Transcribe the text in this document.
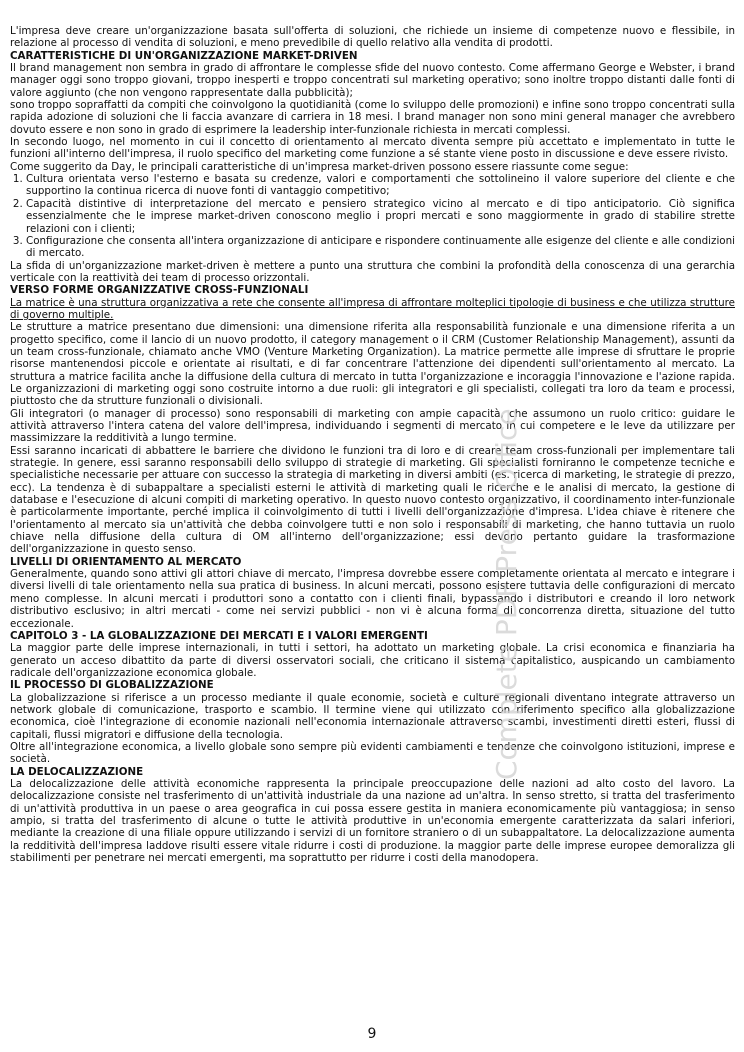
L'impresa deve creare un'organizzazione basata sull'offerta di soluzioni, che richiede un insieme di competenze nuovo e flessibile, in relazione al processo di vendita di soluzioni, e meno prevedibile di quello relativo alla vendita di prodotti.

CARATTERISTICHE DI UN'ORGANIZZAZIONE MARKET-DRIVEN

Il brand management non sembra in grado di affrontare le complesse sfide del nuovo contesto. Come affermano George e Webster, i brand manager oggi sono troppo giovani, troppo inesperti e troppo concentrati sul marketing operativo; sono inoltre troppo distanti dalle fonti di valore aggiunto (che non vengono rappresentate dalla pubblicità);

sono troppo sopraffatti da compiti che coinvolgono la quotidianità (come lo sviluppo delle promozioni) e infine sono troppo concentrati sulla rapida adozione di soluzioni che li faccia avanzare di carriera in 18 mesi. I brand manager non sono mini general manager che avrebbero dovuto essere e non sono in grado di esprimere la leadership inter-funzionale richiesta in mercati complessi.

In secondo luogo, nel momento in cui il concetto di orientamento al mercato diventa sempre più accettato e implementato in tutte le funzioni all'interno dell'impresa, il ruolo specifico del marketing come funzione a sé stante viene posto in discussione e deve essere rivisto.

Come suggerito da Day, le principali caratteristiche di un'impresa market-driven possono essere riassunte come segue:

1. Cultura orientata verso l'esterno e basata su credenze, valori e comportamenti che sottolineino il valore superiore del cliente e che supportino la continua ricerca di nuove fonti di vantaggio competitivo;
2. Capacità distintive di interpretazione del mercato e pensiero strategico vicino al mercato e di tipo anticipatorio. Ciò significa essenzialmente che le imprese market-driven conoscono meglio i propri mercati e sono maggiormente in grado di stabilire strette relazioni con i clienti;
3. Configurazione che consenta all'intera organizzazione di anticipare e rispondere continuamente alle esigenze del cliente e alle condizioni di mercato.

La sfida di un'organizzazione market-driven è mettere a punto una struttura che combini la profondità della conoscenza di una gerarchia verticale con la reattività dei team di processo orizzontali.

VERSO FORME ORGANIZZATIVE CROSS-FUNZIONALI

La matrice è una struttura organizzativa a rete che consente all'impresa di affrontare molteplici tipologie di business e che utilizza strutture di governo multiple.

Le strutture a matrice presentano due dimensioni: una dimensione riferita alla responsabilità funzionale e una dimensione riferita a un progetto specifico, come il lancio di un nuovo prodotto, il category management o il CRM (Customer Relationship Management), assunti da un team cross-funzionale, chiamato anche VMO (Venture Marketing Organization). La matrice permette alle imprese di sfruttare le proprie risorse mantenendosi piccole e orientate ai risultati, e di far concentrare l'attenzione dei dipendenti sull'orientamento al mercato. La struttura a matrice facilita anche la diffusione della cultura di mercato in tutta l'organizzazione e incoraggia l'innovazione e l'azione rapida. Le organizzazioni di marketing oggi sono costruite intorno a due ruoli: gli integratori e gli specialisti, collegati tra loro da team e processi, piuttosto che da strutture funzionali o divisionali.

Gli integratori (o manager di processo) sono responsabili di marketing con ampie capacità, che assumono un ruolo critico: guidare le attività attraverso l'intera catena del valore dell'impresa, individuando i segmenti di mercato in cui competere e le leve da utilizzare per massimizzare la redditività a lungo termine.

Essi saranno incaricati di abbattere le barriere che dividono le funzioni tra di loro e di creare team cross-funzionali per implementare tali strategie. In genere, essi saranno responsabili dello sviluppo di strategie di marketing. Gli specialisti forniranno le competenze tecniche e specialistiche necessarie per attuare con successo la strategia di marketing in diversi ambiti (es. ricerca di marketing, le strategie di prezzo, ecc). La tendenza è di subappaltare a specialisti esterni le attività di marketing quali le ricerche e le analisi di mercato, la gestione di database e l'esecuzione di alcuni compiti di marketing operativo. In questo nuovo contesto organizzativo, il coordinamento inter-funzionale è particolarmente importante, perché implica il coinvolgimento di tutti i livelli dell'organizzazione d'impresa. L'idea chiave è ritenere che l'orientamento al mercato sia un'attività che debba coinvolgere tutti e non solo i responsabili di marketing, che hanno tuttavia un ruolo chiave nella diffusione della cultura di OM all'interno dell'organizzazione; essi devono pertanto guidare la trasformazione dell'organizzazione in questo senso.

LIVELLI DI ORIENTAMENTO AL MERCATO

Generalmente, quando sono attivi gli attori chiave di mercato, l'impresa dovrebbe essere completamente orientata al mercato e integrare i diversi livelli di tale orientamento nella sua pratica di business. In alcuni mercati, possono esistere tuttavia delle configurazioni di mercato meno complesse. In alcuni mercati i produttori sono a contatto con i clienti finali, bypassando i distributori e creando il loro network distributivo esclusivo; in altri mercati - come nei servizi pubblici - non vi è alcuna forma di concorrenza diretta, situazione del tutto eccezionale.

CAPITOLO 3 - LA GLOBALIZZAZIONE DEI MERCATI E I VALORI EMERGENTI

La maggior parte delle imprese internazionali, in tutti i settori, ha adottato un marketing globale. La crisi economica e finanziaria ha generato un acceso dibattito da parte di diversi osservatori sociali, che criticano il sistema capitalistico, auspicando un cambiamento radicale dell'organizzazione economica globale.

IL PROCESSO DI GLOBALIZZAZIONE

La globalizzazione si riferisce a un processo mediante il quale economie, società e culture regionali diventano integrate attraverso un network globale di comunicazione, trasporto e scambio. Il termine viene qui utilizzato con riferimento specifico alla globalizzazione economica, cioè l'integrazione di economie nazionali nell'economia internazionale attraverso scambi, investimenti diretti esteri, flussi di capitali, flussi migratori e diffusione della tecnologia.

Oltre all'integrazione economica, a livello globale sono sempre più evidenti cambiamenti e tendenze che coinvolgono istituzioni, imprese e società.

LA DELOCALIZZAZIONE

La delocalizzazione delle attività economiche rappresenta la principale preoccupazione delle nazioni ad alto costo del lavoro. La delocalizzazione consiste nel trasferimento di un'attività industriale da una nazione ad un'altra. In senso stretto, si tratta del trasferimento di un'attività produttiva in un paese o area geografica in cui possa essere gestita in maniera economicamente più vantaggiosa; in senso ampio, si tratta del trasferimento di alcune o tutte le attività produttive in un'economia emergente caratterizzata da salari inferiori, mediante la creazione di una filiale oppure utilizzando i servizi di un fornitore straniero o di un subappaltatore. La delocalizzazione aumenta la redditività dell'impresa laddove risulti essere vitale ridurre i costi di produzione. la maggior parte delle imprese europee demoralizza gli stabilimenti per penetrare nei mercati emergenti, ma soprattutto per ridurre i costi della manodopera.

Complete PDF Press Office
9
